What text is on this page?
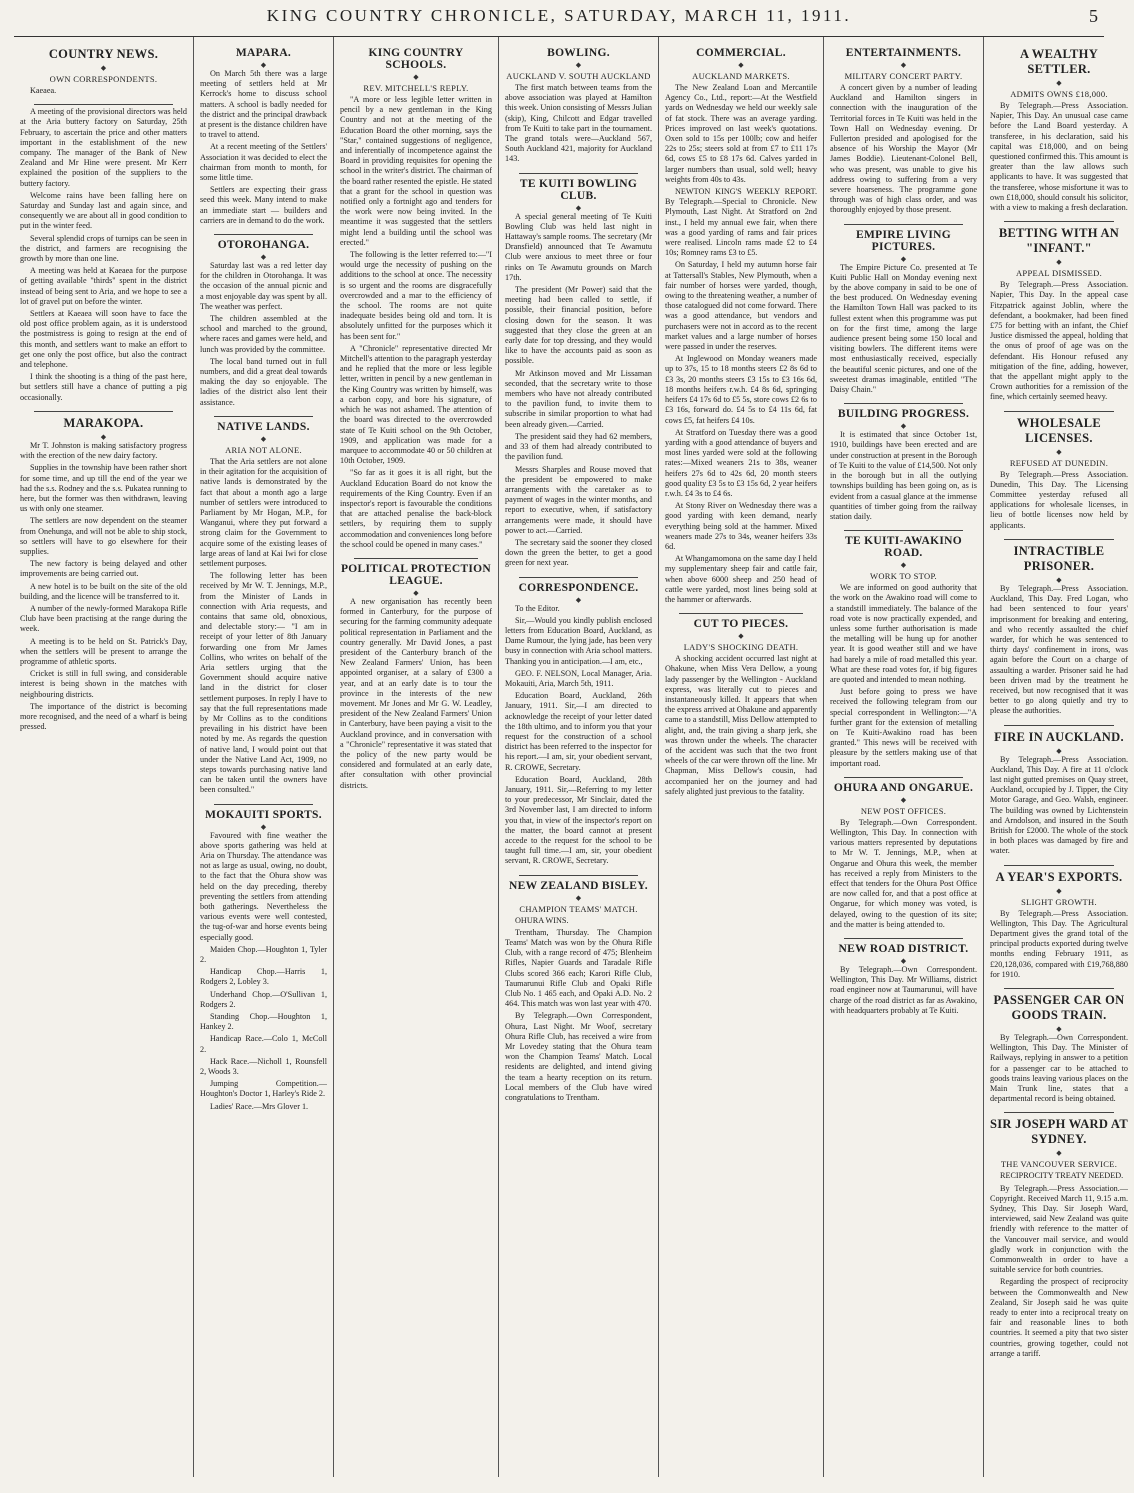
KING COUNTRY CHRONICLE, SATURDAY, MARCH 11, 1911.	5
COUNTRY NEWS.
◆
OWN CORRESPONDENTS.

Kaeaea.

A meeting of the provisional directors was held at the Aria buttery factory on Saturday, 25th February, to ascertain the price and other matters important in the establishment of the new company. The manager of the Bank of New Zealand and Mr Hine were present. Mr Kerr explained the position of the suppliers to the buttery factory.

Welcome rains have been falling here on Saturday and Sunday last and again since, and consequently we are about all in good condition to put in the winter feed.

Several splendid crops of turnips can be seen in the district, and farmers are recognising the growth by more than one line.

A meeting was held at Kaeaea for the purpose of getting available "thirds" spent in the district instead of being sent to Aria, and we hope to see a lot of gravel put on before the winter.

Settlers at Kaeaea will soon have to face the old post office problem again, as it is understood the postmistress is going to resign at the end of this month, and settlers want to make an effort to get one only the post office, but also the contract and telephone.

I think the shooting is a thing of the past here, but settlers still have a chance of putting a pig occasionally.

MARAKOPA.
◆

Mr T. Johnston is making satisfactory progress with the erection of the new dairy factory.

Supplies in the township have been rather short for some time, and up till the end of the year we had the s.s. Rodney and the s.s. Pukatea running to here, but the former was then withdrawn, leaving us with only one steamer.

The settlers are now dependent on the steamer from Onehunga, and will not be able to ship stock, so settlers will have to go elsewhere for their supplies.

The new factory is being delayed and other improvements are being carried out.

A new hotel is to be built on the site of the old building, and the licence will be transferred to it.

A number of the newly-formed Marakopa Rifle Club have been practising at the range during the week.

A meeting is to be held on St. Patrick's Day, when the settlers will be present to arrange the programme of athletic sports.

Cricket is still in full swing, and considerable interest is being shown in the matches with neighbouring districts.

The importance of the district is becoming more recognised, and the need of a wharf is being pressed.

MAPARA.
◆

On March 5th there was a large meeting of settlers held at Mr Kerrock's home to discuss school matters. A school is badly needed for the district and the principal drawback at present is the distance children have to travel to attend.

At a recent meeting of the Settlers' Association it was decided to elect the chairman from month to month, for some little time.

Settlers are expecting their grass seed this week. Many intend to make an immediate start — builders and carriers are in demand to do the work.

OTOROHANGA.
◆

Saturday last was a red letter day for the children in Otorohanga. It was the occasion of the annual picnic and a most enjoyable day was spent by all. The weather was perfect.

The children assembled at the school and marched to the ground, where races and games were held, and lunch was provided by the committee.

The local band turned out in full numbers, and did a great deal towards making the day so enjoyable. The ladies of the district also lent their assistance.

NATIVE LANDS.
◆
ARIA NOT ALONE.

That the Aria settlers are not alone in their agitation for the acquisition of native lands is demonstrated by the fact that about a month ago a large number of settlers were introduced to Parliament by Mr Hogan, M.P., for Wanganui, where they put forward a strong claim for the Government to acquire some of the existing leases of large areas of land at Kai Iwi for close settlement purposes.

The following letter has been received by Mr W. T. Jennings, M.P., from the Minister of Lands in connection with Aria requests, and contains that same old, obnoxious, and delectable story:— "I am in receipt of your letter of 8th January forwarding one from Mr James Collins, who writes on behalf of the Aria settlers urging that the Government should acquire native land in the district for closer settlement purposes. In reply I have to say that the full representations made by Mr Collins as to the conditions prevailing in his district have been noted by me. As regards the question of native land, I would point out that under the Native Land Act, 1909, no steps towards purchasing native land can be taken until the owners have been consulted."

MOKAUITI SPORTS.
◆

Favoured with fine weather the above sports gathering was held at Aria on Thursday. The attendance was not as large as usual, owing, no doubt, to the fact that the Ohura show was held on the day preceding, thereby preventing the settlers from attending both gatherings. Nevertheless the various events were well contested, the tug-of-war and horse events being especially good.

Maiden Chop.—Houghton 1, Tyler 2.

Handicap Chop.—Harris 1, Rodgers 2, Lobley 3.

Underhand Chop.—O'Sullivan 1, Rodgers 2.

Standing Chop.—Houghton 1, Hankey 2.

Handicap Race.—Colo 1, McColl 2.

Hack Race.—Nicholl 1, Rounsfell 2, Woods 3.

Jumping Competition.—Houghton's Doctor 1, Harley's Ride 2.

Ladies' Race.—Mrs Glover 1.

KING COUNTRY SCHOOLS.
◆
REV. MITCHELL'S REPLY.

"A more or less legible letter written in pencil by a new gentleman in the King Country and not at the meeting of the Education Board the other morning, says the "Star," contained suggestions of negligence, and inferentially of incompetence against the Board in providing requisites for opening the school in the writer's district. The chairman of the board rather resented the epistle. He stated that a grant for the school in question was notified only a fortnight ago and tenders for the work were now being invited. In the meantime it was suggested that the settlers might lend a building until the school was erected."

The following is the letter referred to:—"I would urge the necessity of pushing on the additions to the school at once. The necessity is so urgent and the rooms are disgracefully overcrowded and a mar to the efficiency of the school. The rooms are not quite inadequate besides being old and torn. It is absolutely unfitted for the purposes which it has been sent for."

A "Chronicle" representative directed Mr Mitchell's attention to the paragraph yesterday and he replied that the more or less legible letter, written in pencil by a new gentleman in the King Country was written by himself, was a carbon copy, and bore his signature, of which he was not ashamed. The attention of the board was directed to the overcrowded state of Te Kuiti school on the 9th October, 1909, and application was made for a marquee to accommodate 40 or 50 children at 10th October, 1909.

"So far as it goes it is all right, but the Auckland Education Board do not know the requirements of the King Country. Even if an inspector's report is favourable the conditions that are attached penalise the back-block settlers, by requiring them to supply accommodation and conveniences long before the school could be opened in many cases."

POLITICAL PROTECTION LEAGUE.
◆

A new organisation has recently been formed in Canterbury, for the purpose of securing for the farming community adequate political representation in Parliament and the country generally. Mr David Jones, a past president of the Canterbury branch of the New Zealand Farmers' Union, has been appointed organiser, at a salary of £300 a year, and at an early date is to tour the province in the interests of the new movement. Mr Jones and Mr G. W. Leadley, president of the New Zealand Farmers' Union in Canterbury, have been paying a visit to the Auckland province, and in conversation with a "Chronicle" representative it was stated that the policy of the new party would be considered and formulated at an early date, after consultation with other provincial districts.

BOWLING.
◆
AUCKLAND V. SOUTH AUCKLAND

The first match between teams from the above association was played at Hamilton this week. Union consisting of Messrs Julian (skip), King, Chilcott and Edgar travelled from Te Kuiti to take part in the tournament. The grand totals were—Auckland 567, South Auckland 421, majority for Auckland 143.

TE KUITI BOWLING CLUB.
◆

A special general meeting of Te Kuiti Bowling Club was held last night in Hattaway's sample rooms. The secretary (Mr Dransfield) announced that Te Awamutu Club were anxious to meet three or four rinks on Te Awamutu grounds on March 17th.

The president (Mr Power) said that the meeting had been called to settle, if possible, their financial position, before closing down for the season. It was suggested that they close the green at an early date for top dressing, and they would like to have the accounts paid as soon as possible.

Mr Atkinson moved and Mr Lissaman seconded, that the secretary write to those members who have not already contributed to the pavilion fund, to invite them to subscribe in similar proportion to what had been already given.—Carried.

The president said they had 62 members, and 33 of them had already contributed to the pavilion fund.

Messrs Sharples and Rouse moved that the president be empowered to make arrangements with the caretaker as to payment of wages in the winter months, and report to executive, when, if satisfactory arrangements were made, it should have power to act.—Carried.

The secretary said the sooner they closed down the green the better, to get a good green for next year.

CORRESPONDENCE.
◆

To the Editor.

Sir,—Would you kindly publish enclosed letters from Education Board, Auckland, as Dame Rumour, the lying jade, has been very busy in connection with Aria school matters. Thanking you in anticipation.—I am, etc.,

GEO. F. NELSON, Local Manager, Aria. Mokauiti, Aria, March 5th, 1911.

Education Board, Auckland, 26th January, 1911. Sir,—I am directed to acknowledge the receipt of your letter dated the 18th ultimo, and to inform you that your request for the construction of a school district has been referred to the inspector for his report.—I am, sir, your obedient servant, R. CROWE, Secretary.

Education Board, Auckland, 28th January, 1911. Sir,—Referring to my letter to your predecessor, Mr Sinclair, dated the 3rd November last, I am directed to inform you that, in view of the inspector's report on the matter, the board cannot at present accede to the request for the school to be taught full time.—I am, sir, your obedient servant, R. CROWE, Secretary.

NEW ZEALAND BISLEY.
◆
CHAMPION TEAMS' MATCH.

OHURA WINS.

Trentham, Thursday. The Champion Teams' Match was won by the Ohura Rifle Club, with a range record of 475; Blenheim Rifles, Napier Guards and Taradale Rifle Clubs scored 366 each; Karori Rifle Club, Taumarunui Rifle Club and Opaki Rifle Club No. 1 465 each, and Opaki A.D. No. 2 464. This match was won last year with 470.

By Telegraph.—Own Correspondent, Ohura, Last Night. Mr Woof, secretary Ohura Rifle Club, has received a wire from Mr Lovedey stating that the Ohura team won the Champion Teams' Match. Local residents are delighted, and intend giving the team a hearty reception on its return. Local members of the Club have wired congratulations to Trentham.

COMMERCIAL.
◆
AUCKLAND MARKETS.

The New Zealand Loan and Mercantile Agency Co., Ltd., report:—At the Westfield yards on Wednesday we held our weekly sale of fat stock. There was an average yarding. Prices improved on last week's quotations. Oxen sold to 15s per 100lb; cow and heifer 22s to 25s; steers sold at from £7 to £11 17s 6d, cows £5 to £8 17s 6d. Calves yarded in larger numbers than usual, sold well; heavy weights from 40s to 43s.

NEWTON KING'S WEEKLY REPORT. By Telegraph.—Special to Chronicle. New Plymouth, Last Night. At Stratford on 2nd inst., I held my annual ewe fair, when there was a good yarding of rams and fair prices were realised. Lincoln rams made £2 to £4 10s; Romney rams £3 to £5.

On Saturday, I held my autumn horse fair at Tattersall's Stables, New Plymouth, when a fair number of horses were yarded, though, owing to the threatening weather, a number of those catalogued did not come forward. There was a good attendance, but vendors and purchasers were not in accord as to the recent market values and a large number of horses were passed in under the reserves.

At Inglewood on Monday weaners made up to 37s, 15 to 18 months steers £2 8s 6d to £3 3s, 20 months steers £3 15s to £3 16s 6d, 18 months heifers r.w.h. £4 8s 6d, springing heifers £4 17s 6d to £5 5s, store cows £2 6s to £3 16s, forward do. £4 5s to £4 11s 6d, fat cows £5, fat heifers £4 10s.

At Stratford on Tuesday there was a good yarding with a good attendance of buyers and most lines yarded were sold at the following rates:—Mixed weaners 21s to 38s, weaner heifers 27s 6d to 42s 6d, 20 month steers good quality £3 5s to £3 15s 6d, 2 year heifers r.w.h. £4 3s to £4 6s.

At Stony River on Wednesday there was a good yarding with keen demand, nearly everything being sold at the hammer. Mixed weaners made 27s to 34s, weaner heifers 33s 6d.

At Whangamomona on the same day I held my supplementary sheep fair and cattle fair, when above 6000 sheep and 250 head of cattle were yarded, most lines being sold at the hammer or afterwards.

CUT TO PIECES.
◆
LADY'S SHOCKING DEATH.

A shocking accident occurred last night at Ohakune, when Miss Vera Dellow, a young lady passenger by the Wellington - Auckland express, was literally cut to pieces and instantaneously killed. It appears that when the express arrived at Ohakune and apparently came to a standstill, Miss Dellow attempted to alight, and, the train giving a sharp jerk, she was thrown under the wheels. The character of the accident was such that the two front wheels of the car were thrown off the line. Mr Chapman, Miss Dellow's cousin, had accompanied her on the journey and had safely alighted just previous to the fatality.

ENTERTAINMENTS.
◆
MILITARY CONCERT PARTY.

A concert given by a number of leading Auckland and Hamilton singers in connection with the inauguration of the Territorial forces in Te Kuiti was held in the Town Hall on Wednesday evening. Dr Fullerton presided and apologised for the absence of his Worship the Mayor (Mr James Boddie). Lieutenant-Colonel Bell, who was present, was unable to give his address owing to suffering from a very severe hoarseness. The programme gone through was of high class order, and was thoroughly enjoyed by those present.

EMPIRE LIVING PICTURES.
◆

The Empire Picture Co. presented at Te Kuiti Public Hall on Monday evening next by the above company in said to be one of the best produced. On Wednesday evening the Hamilton Town Hall was packed to its fullest extent when this programme was put on for the first time, among the large audience present being some 150 local and visiting bowlers. The different items were most enthusiastically received, especially the beautiful scenic pictures, and one of the sweetest dramas imaginable, entitled "The Daisy Chain."

BUILDING PROGRESS.
◆

It is estimated that since October 1st, 1910, buildings have been erected and are under construction at present in the Borough of Te Kuiti to the value of £14,500. Not only in the borough but in all the outlying townships building has been going on, as is evident from a casual glance at the immense quantities of timber going from the railway station daily.

TE KUITI-AWAKINO ROAD.
◆
WORK TO STOP.

We are informed on good authority that the work on the Awakino road will come to a standstill immediately. The balance of the road vote is now practically expended, and unless some further authorisation is made the metalling will be hung up for another year. It is good weather still and we have had barely a mile of road metalled this year. What are these road votes for, if big figures are quoted and intended to mean nothing.

Just before going to press we have received the following telegram from our special correspondent in Wellington:—"A further grant for the extension of metalling on Te Kuiti-Awakino road has been granted." This news will be received with pleasure by the settlers making use of that important road.

OHURA AND ONGARUE.
◆
NEW POST OFFICES.

By Telegraph.—Own Correspondent. Wellington, This Day. In connection with various matters represented by deputations to Mr W. T. Jennings, M.P., when at Ongarue and Ohura this week, the member has received a reply from Ministers to the effect that tenders for the Ohura Post Office are now called for, and that a post office at Ongarue, for which money was voted, is delayed, owing to the question of its site; and the matter is being attended to.

NEW ROAD DISTRICT.
◆

By Telegraph.—Own Correspondent. Wellington, This Day. Mr Williams, district road engineer now at Taumarunui, will have charge of the road district as far as Awakino, with headquarters probably at Te Kuiti.

A WEALTHY SETTLER.
◆
ADMITS OWNS £18,000.

By Telegraph.—Press Association. Napier, This Day. An unusual case came before the Land Board yesterday. A transferee, in his declaration, said his capital was £18,000, and on being questioned confirmed this. This amount is greater than the law allows such applicants to have. It was suggested that the transferee, whose misfortune it was to own £18,000, should consult his solicitor, with a view to making a fresh declaration.

BETTING WITH AN "INFANT."
◆
APPEAL DISMISSED.

By Telegraph.—Press Association. Napier, This Day. In the appeal case Fitzpatrick against Joblin, where the defendant, a bookmaker, had been fined £75 for betting with an infant, the Chief Justice dismissed the appeal, holding that the onus of proof of age was on the defendant. His Honour refused any mitigation of the fine, adding, however, that the appellant might apply to the Crown authorities for a remission of the fine, which certainly seemed heavy.

WHOLESALE LICENSES.
◆
REFUSED AT DUNEDIN.

By Telegraph.—Press Association. Dunedin, This Day. The Licensing Committee yesterday refused all applications for wholesale licenses, in lieu of bottle licenses now held by applicants.

INTRACTIBLE PRISONER.
◆

By Telegraph.—Press Association. Auckland, This Day. Fred Logan, who had been sentenced to four years' imprisonment for breaking and entering, and who recently assaulted the chief warder, for which he was sentenced to thirty days' confinement in irons, was again before the Court on a charge of assaulting a warder. Prisoner said he had been driven mad by the treatment he received, but now recognised that it was better to go along quietly and try to please the authorities.

FIRE IN AUCKLAND.
◆

By Telegraph.—Press Association. Auckland, This Day. A fire at 11 o'clock last night gutted premises on Quay street, Auckland, occupied by J. Tipper, the City Motor Garage, and Geo. Walsh, engineer. The building was owned by Lichtenstein and Arndolson, and insured in the South British for £2000. The whole of the stock in both places was damaged by fire and water.

A YEAR'S EXPORTS.
◆
SLIGHT GROWTH.

By Telegraph.—Press Association. Wellington, This Day. The Agricultural Department gives the grand total of the principal products exported during twelve months ending February 1911, as £20,128,036, compared with £19,768,880 for 1910.

PASSENGER CAR ON GOODS TRAIN.
◆

By Telegraph.—Own Correspondent. Wellington, This Day. The Minister of Railways, replying in answer to a petition for a passenger car to be attached to goods trains leaving various places on the Main Trunk line, states that a departmental record is being obtained.

SIR JOSEPH WARD AT SYDNEY.
◆
THE VANCOUVER SERVICE.

RECIPROCITY TREATY NEEDED.

By Telegraph.—Press Association.—Copyright. Received March 11, 9.15 a.m. Sydney, This Day. Sir Joseph Ward, interviewed, said New Zealand was quite friendly with reference to the matter of the Vancouver mail service, and would gladly work in conjunction with the Commonwealth in order to have a suitable service for both countries.

Regarding the prospect of reciprocity between the Commonwealth and New Zealand, Sir Joseph said he was quite ready to enter into a reciprocal treaty on fair and reasonable lines to both countries. It seemed a pity that two sister countries, growing together, could not arrange a tariff.
